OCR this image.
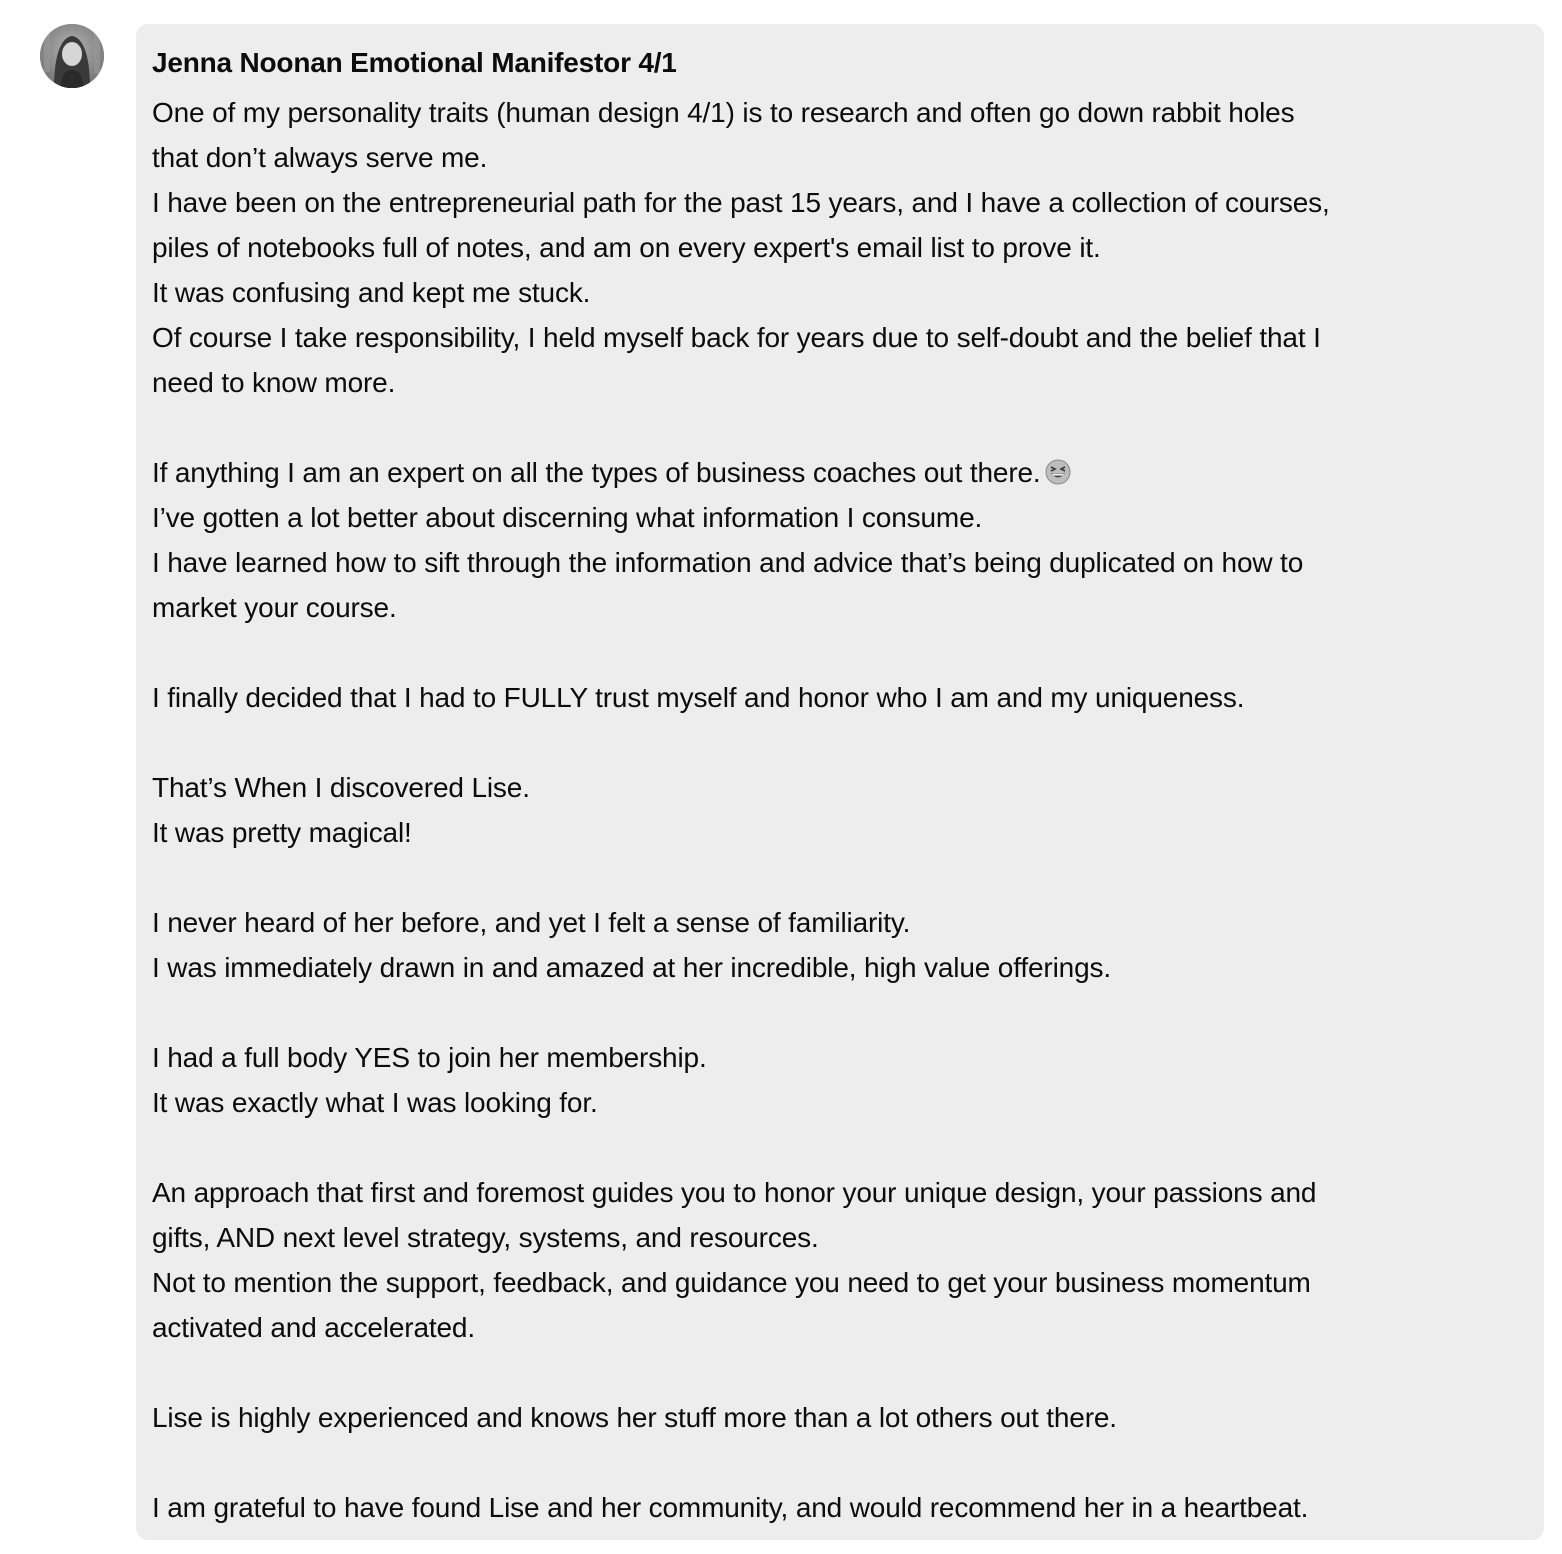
Jenna Noonan Emotional Manifestor 4/1
One of my personality traits (human design 4/1) is to research and often go down rabbit holes
that don’t always serve me.
I have been on the entrepreneurial path for the past 15 years, and I have a collection of courses,
piles of notebooks full of notes, and am on every expert's email list to prove it.
It was confusing and kept me stuck.
Of course I take responsibility, I held myself back for years due to self-doubt and the belief that I
need to know more.
If anything I am an expert on all the types of business coaches out there.
I’ve gotten a lot better about discerning what information I consume.
I have learned how to sift through the information and advice that’s being duplicated on how to
market your course.
I finally decided that I had to FULLY trust myself and honor who I am and my uniqueness.
That’s When I discovered Lise.
It was pretty magical!
I never heard of her before, and yet I felt a sense of familiarity.
I was immediately drawn in and amazed at her incredible, high value offerings.
I had a full body YES to join her membership.
It was exactly what I was looking for.
An approach that first and foremost guides you to honor your unique design, your passions and
gifts, AND next level strategy, systems, and resources.
Not to mention the support, feedback, and guidance you need to get your business momentum
activated and accelerated.
Lise is highly experienced and knows her stuff more than a lot others out there.
I am grateful to have found Lise and her community, and would recommend her in a heartbeat.
